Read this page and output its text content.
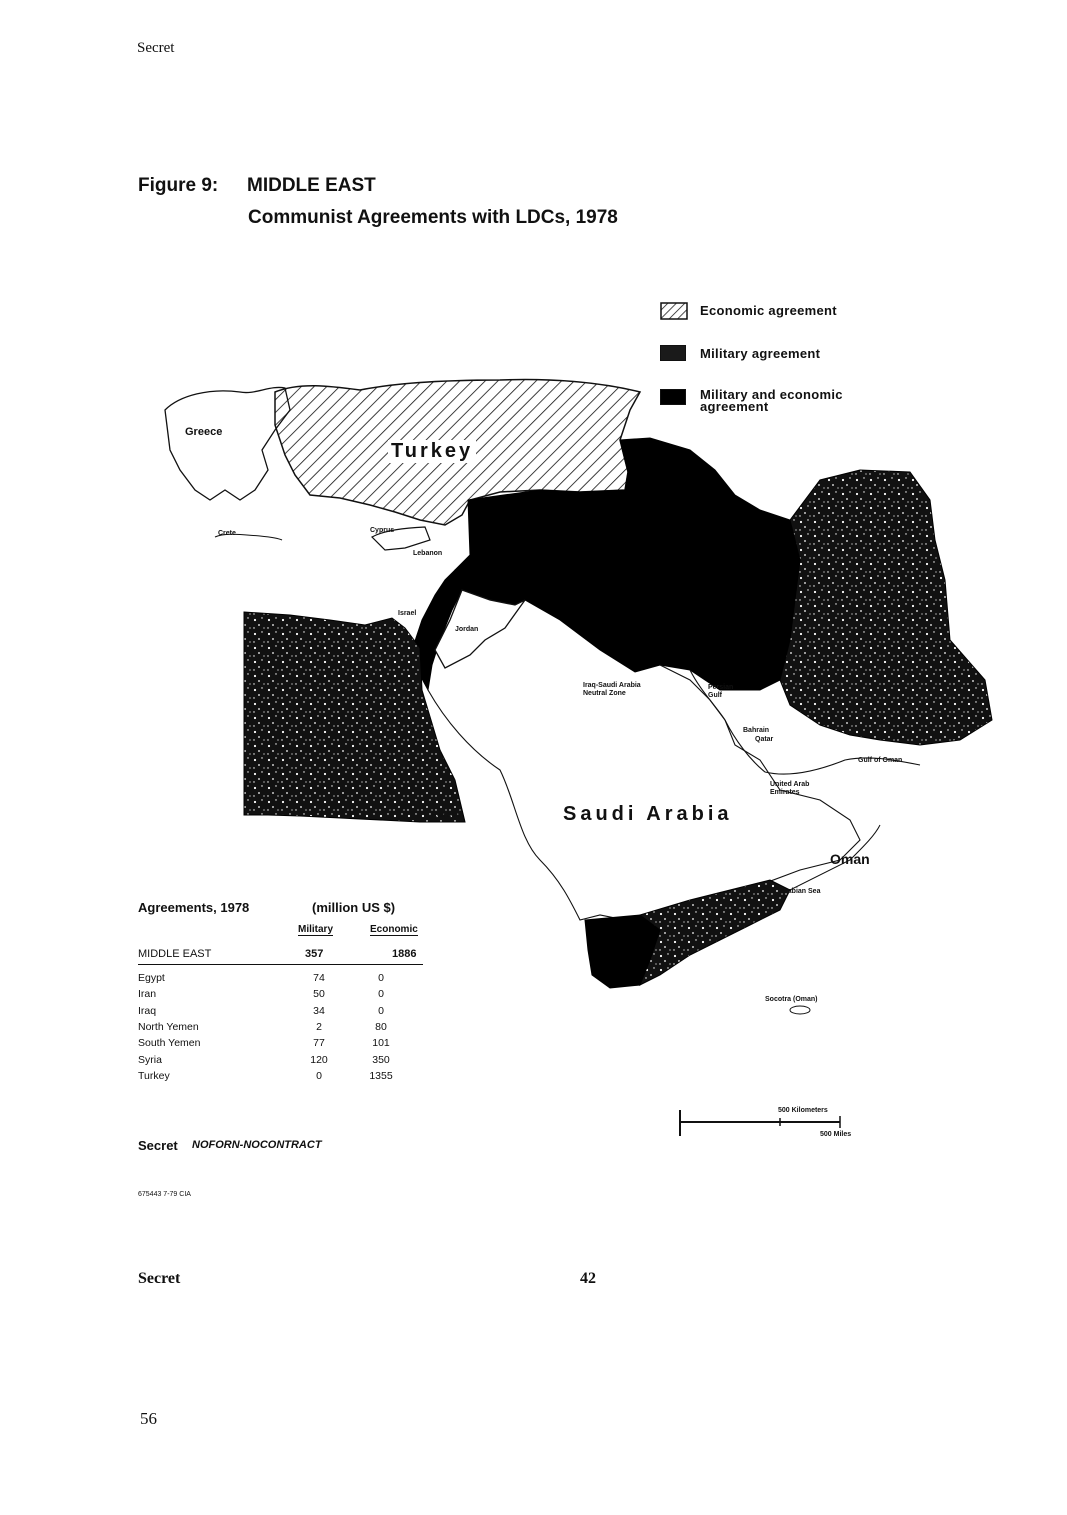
Secret
Figure 9: MIDDLE EAST
Communist Agreements with LDCs, 1978
Economic agreement
Military agreement
Military and economic agreement
Greece
Crete
Turkey
Cyprus
Lebanon
Israel
Jordan
Red Sea
Iraq-Saudi Arabia Neutral Zone
Persian Gulf
Bahrain
Qatar
Gulf of Oman
United Arab Emirates
Saudi Arabia
Oman
Arabian Sea
Socotra (Oman)
500 Kilometers
500 Miles
Agreements, 1978	(million US $)
Military	Economic
MIDDLE EAST	357	1886
Egypt	74	0
Iran	50	0
Iraq	34	0
North Yemen	2	80
South Yemen	77	101
Syria	120	350
Turkey	0	1355
Secret NOFORN-NOCONTRACT
675443 7-79 CIA
Secret	42
56
